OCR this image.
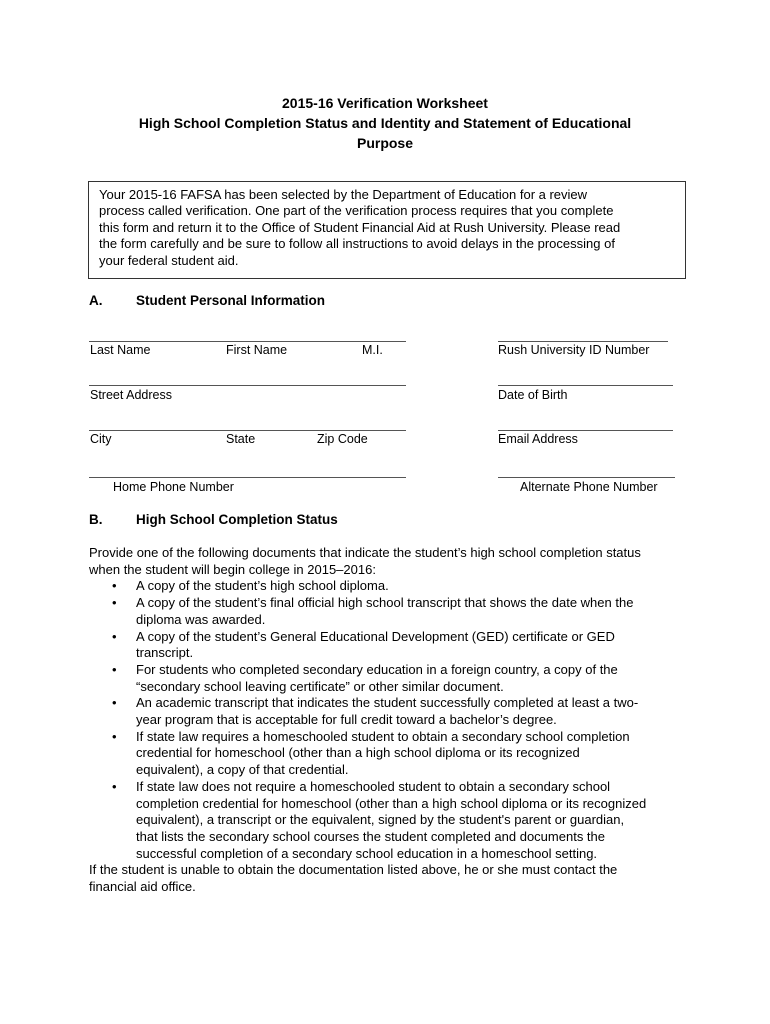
2015-16 Verification Worksheet
High School Completion Status and Identity and Statement of Educational
Purpose

Your 2015-16 FAFSA has been selected by the Department of Education for a review

process called verification. One part of the verification process requires that you complete

this form and return it to the Office of Student Financial Aid at Rush University. Please read

the form carefully and be sure to follow all instructions to avoid delays in the processing of

your federal student aid.

A. Student Personal Information
Last Name	First Name	M.I.	Rush University ID Number
Street Address	Date of Birth
City	State	Zip Code	Email Address
Home Phone Number	Alternate Phone Number
B. High School Completion Status

Provide one of the following documents that indicate the student’s high school completion status

when the student will begin college in 2015–2016:

• A copy of the student’s high school diploma.
• A copy of the student’s final official high school transcript that shows the date when the
diploma was awarded.
• A copy of the student’s General Educational Development (GED) certificate or GED
transcript.
• For students who completed secondary education in a foreign country, a copy of the
“secondary school leaving certificate” or other similar document.
• An academic transcript that indicates the student successfully completed at least a two-
year program that is acceptable for full credit toward a bachelor’s degree.
• If state law requires a homeschooled student to obtain a secondary school completion
credential for homeschool (other than a high school diploma or its recognized
equivalent), a copy of that credential.
• If state law does not require a homeschooled student to obtain a secondary school
completion credential for homeschool (other than a high school diploma or its recognized
equivalent), a transcript or the equivalent, signed by the student's parent or guardian,
that lists the secondary school courses the student completed and documents the
successful completion of a secondary school education in a homeschool setting.

If the student is unable to obtain the documentation listed above, he or she must contact the

financial aid office.
